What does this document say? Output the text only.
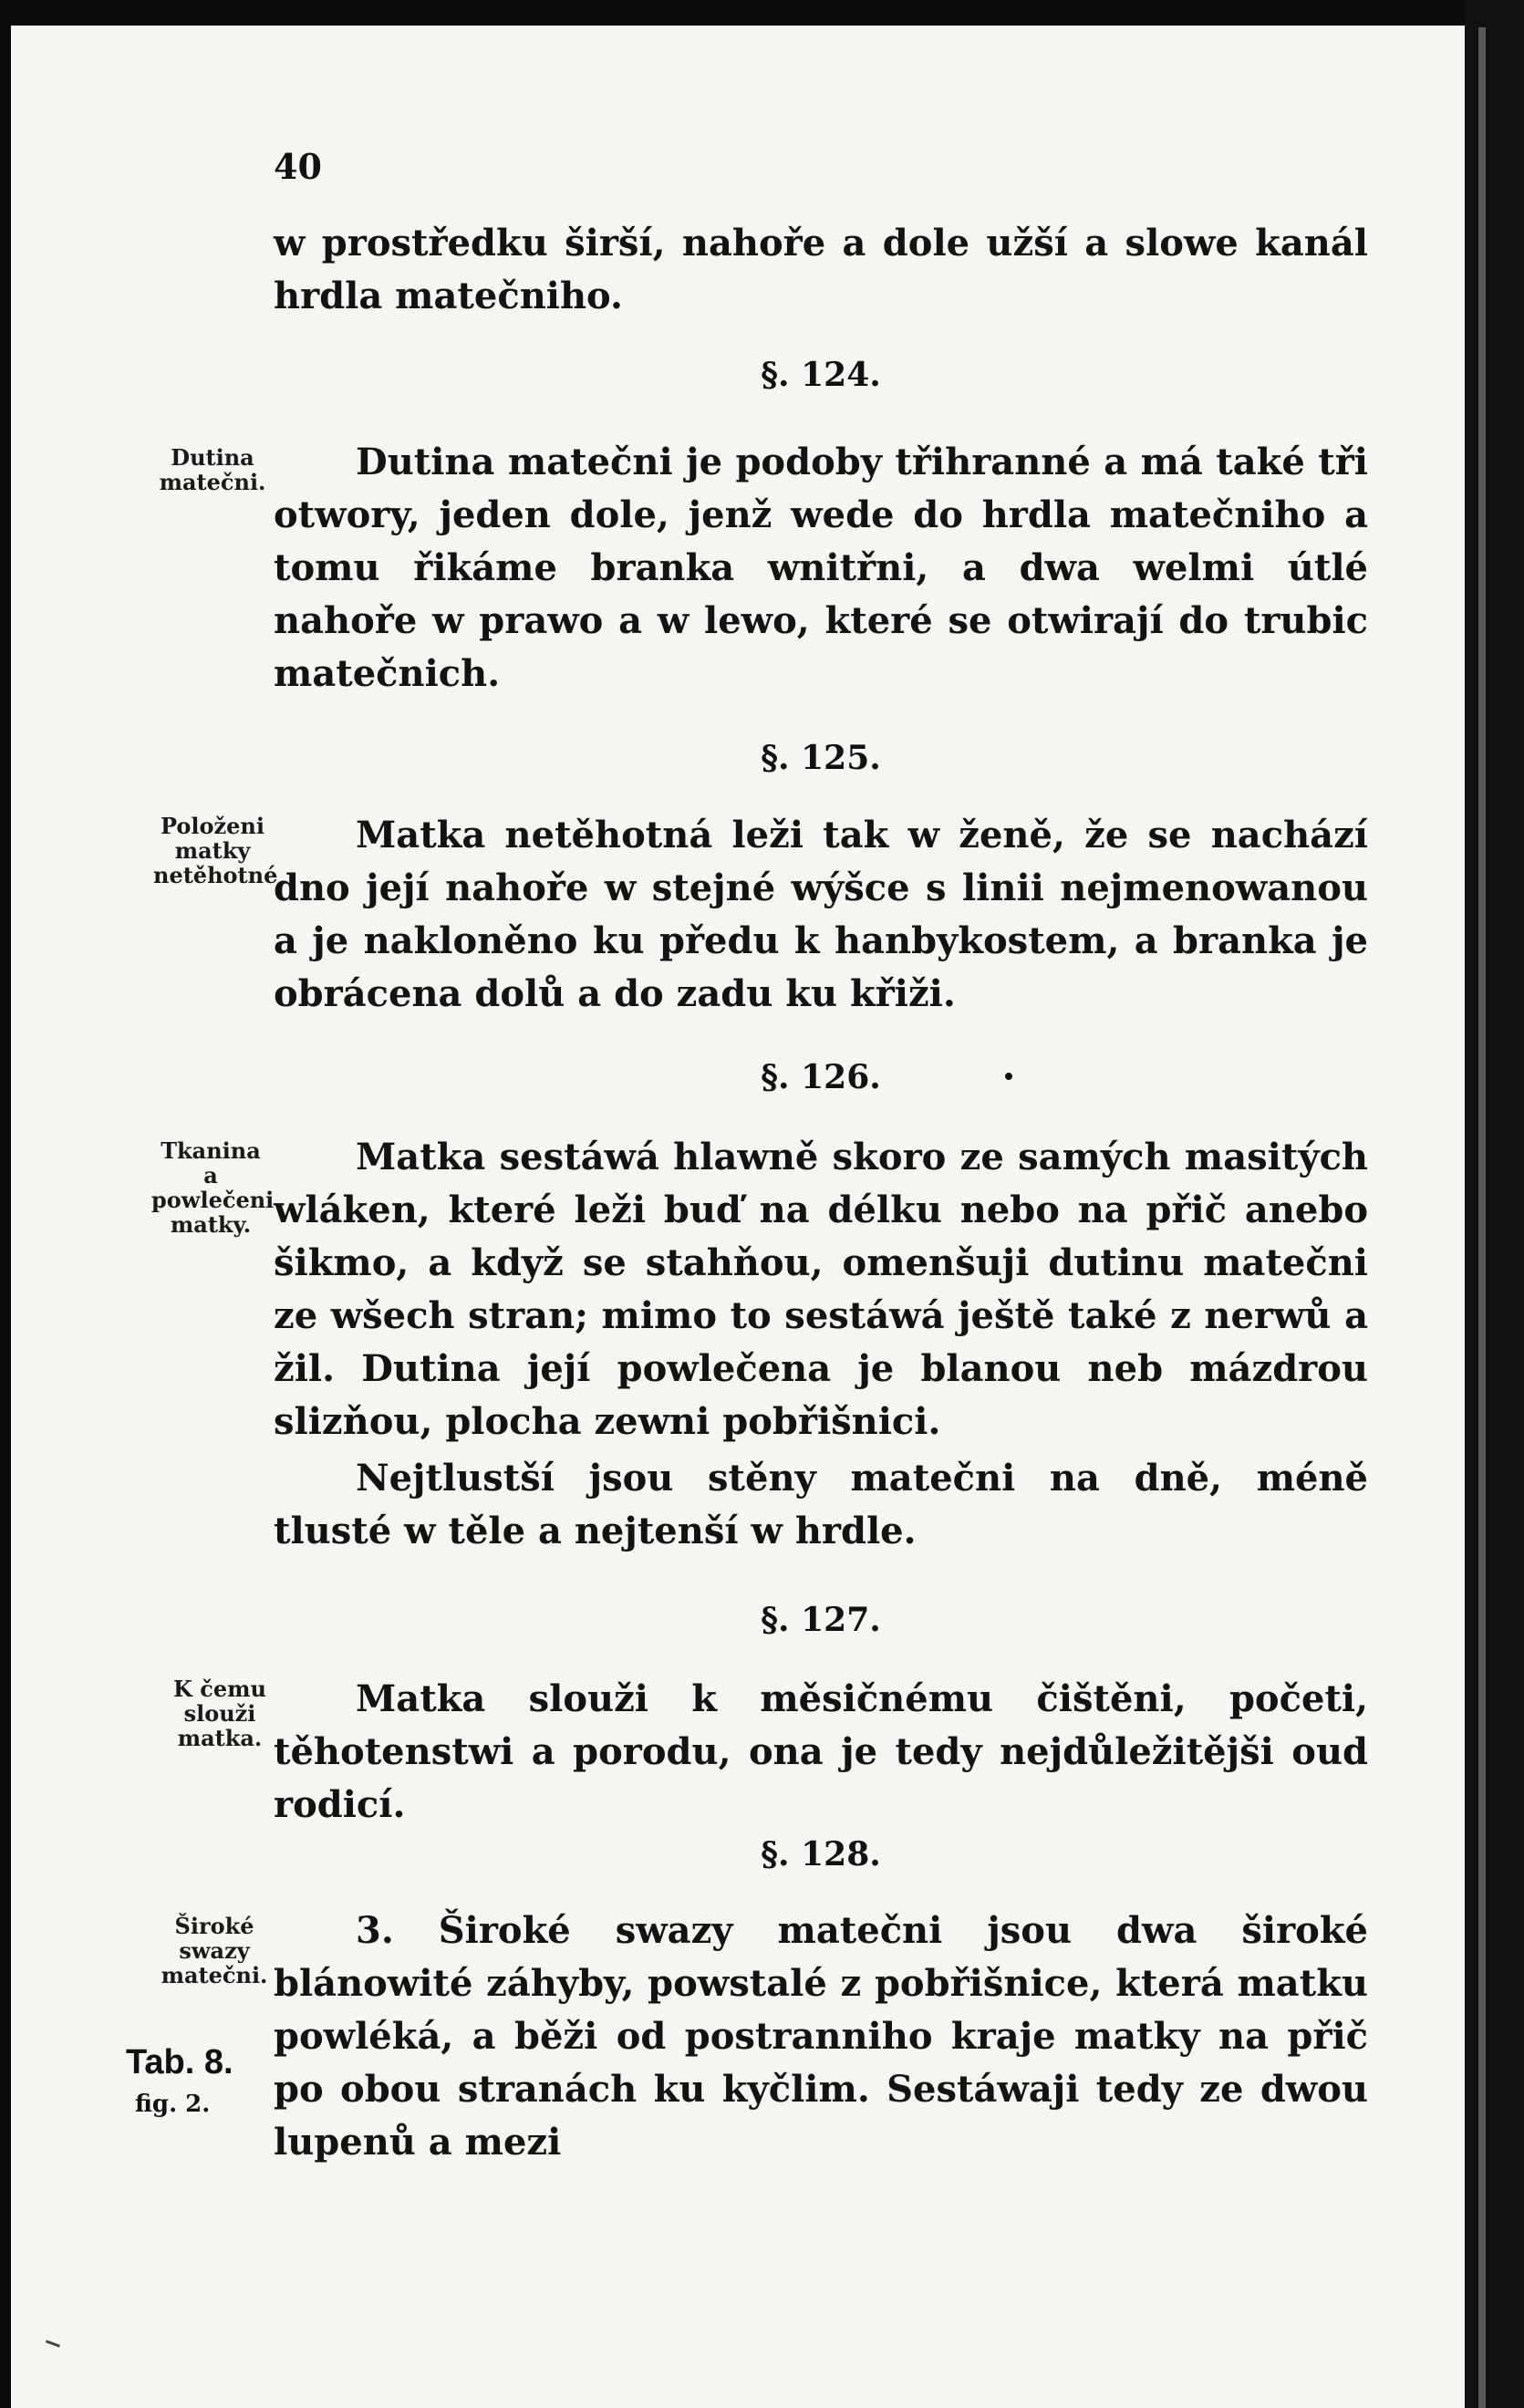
40

w prostředku širší, nahoře a dole užší a slowe kanál hrdla matečniho.

§. 124.
Dutina matečni.	Dutina matečni je podoby třihranné a má také tři otwory, jeden dole, jenž wede do hrdla matečniho a tomu řikáme branka wnitřni, a dwa welmi útlé nahoře w prawo a w lewo, které se otwirají do trubic matečnich.

§. 125.
Položeni matky netěhotné

Matka netěhotná leži tak w ženě, že se nachází dno její nahoře w stejné wýšce s linii nejmenowanou a je nakloněno ku předu k hanbykostem, a branka je obrácena dolů a do zadu ku křiži.

§. 126.
Tkanina a powlečeni matky.

Matka sestáwá hlawně skoro ze samých masitých wláken, které leži buď na délku nebo na přič anebo šikmo, a když se stahňou, omenšuji dutinu matečni ze wšech stran; mimo to sestáwá ještě také z nerwů a žil. Dutina její powlečena je blanou neb mázdrou slizňou, plocha zewni pobřišnici.

Nejtlustší jsou stěny matečni na dně, méně tlusté w těle a nejtenší w hrdle.

§. 127.
K čemu slouži matka.

Matka slouži k měsičnému čištěni, početi, těhotenstwi a porodu, ona je tedy nejdůležitějši oud rodicí.

§. 128.
Široké swazy matečni.

3. Široké swazy matečni jsou dwa široké blánowité záhyby, powstalé z pobřišnice, která matku powléká, a běži od postranniho kraje matky na přič po obou stranách ku kyčlim. Sestáwaji tedy ze dwou lupenů a mezi

Tab. 8.
fig. 2.
